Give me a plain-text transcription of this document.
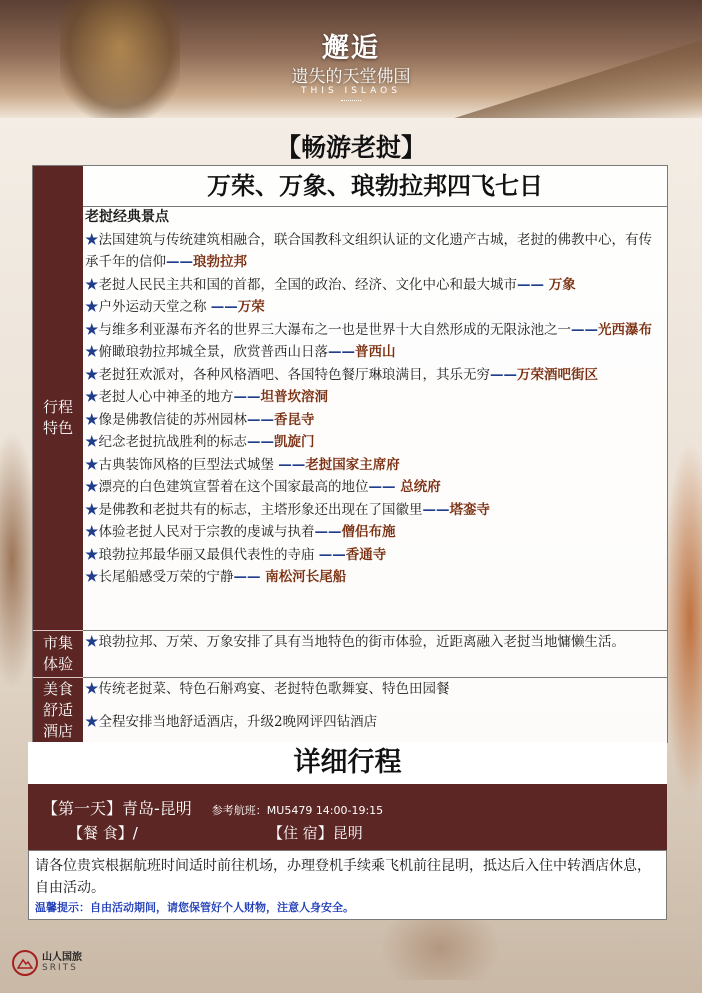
邂逅
遗失的天堂佛国
THIS ISLAOS
【畅游老挝】
万荣、万象、琅勃拉邦四飞七日
行程特色
老挝经典景点
★法国建筑与传统建筑相融合，联合国教科文组织认证的文化遗产古城，老挝的佛教中心，有传承千年的信仰——琅勃拉邦
★老挝人民民主共和国的首都，全国的政治、经济、文化中心和最大城市—— 万象
★户外运动天堂之称 ——万荣
★与维多利亚瀑布齐名的世界三大瀑布之一也是世界十大自然形成的无限泳池之一——光西瀑布
★俯瞰琅勃拉邦城全景，欣赏普西山日落——普西山
★老挝狂欢派对，各种风格酒吧、各国特色餐厅琳琅满目，其乐无穷——万荣酒吧街区
★老挝人心中神圣的地方——坦普坎溶洞
★像是佛教信徒的苏州园林——香昆寺
★纪念老挝抗战胜利的标志——凯旋门
★古典装饰风格的巨型法式城堡 ——老挝国家主席府
★漂亮的白色建筑宣誓着在这个国家最高的地位—— 总统府
★是佛教和老挝共有的标志，主塔形象还出现在了国徽里——塔銮寺
★体验老挝人民对于宗教的虔诚与执着——僧侣布施
★琅勃拉邦最华丽又最俱代表性的寺庙 ——香通寺
★长尾船感受万荣的宁静—— 南松河长尾船
市集体验
★琅勃拉邦、万荣、万象安排了具有当地特色的街市体验，近距离融入老挝当地慵懒生活。
美食舒适酒店
★传统老挝菜、特色石斛鸡宴、老挝特色歌舞宴、特色田园餐
★全程安排当地舒适酒店，升级2晚网评四钻酒店
详细行程
【第一天】青岛-昆明 参考航班：MU5479 14:00-19:15
【餐 食】/	【住 宿】昆明
请各位贵宾根据航班时间适时前往机场，办理登机手续乘飞机前往昆明，抵达后入住中转酒店休息，自由活动。
温馨提示：自由活动期间，请您保管好个人财物，注意人身安全。
山人国旅
SRITS
